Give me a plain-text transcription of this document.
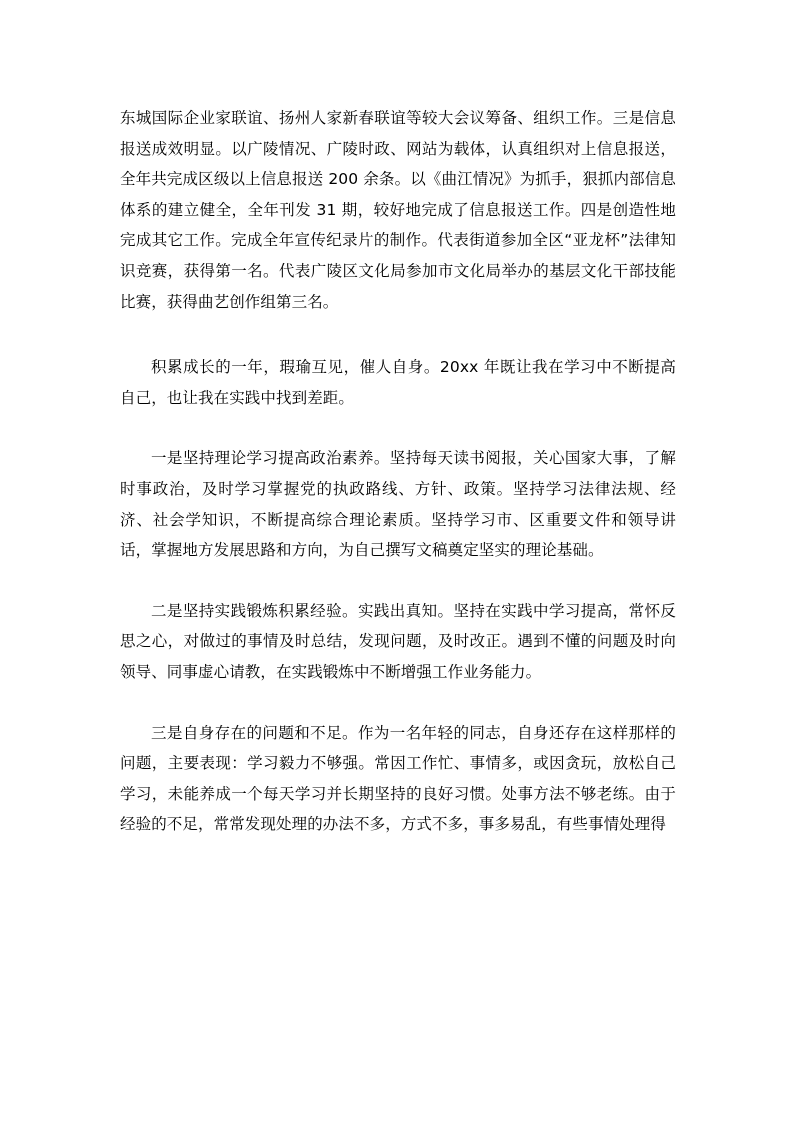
东城国际企业家联谊、扬州人家新春联谊等较大会议筹备、组织工作。三是信息报送成效明显。以广陵情况、广陵时政、网站为载体，认真组织对上信息报送，全年共完成区级以上信息报送 200 余条。以《曲江情况》为抓手，狠抓内部信息体系的建立健全，全年刊发 31 期，较好地完成了信息报送工作。四是创造性地完成其它工作。完成全年宣传纪录片的制作。代表街道参加全区“亚龙杯”法律知识竞赛，获得第一名。代表广陵区文化局参加市文化局举办的基层文化干部技能比赛，获得曲艺创作组第三名。

积累成长的一年，瑕瑜互见，催人自身。20xx 年既让我在学习中不断提高自己，也让我在实践中找到差距。

一是坚持理论学习提高政治素养。坚持每天读书阅报，关心国家大事，了解时事政治，及时学习掌握党的执政路线、方针、政策。坚持学习法律法规、经济、社会学知识，不断提高综合理论素质。坚持学习市、区重要文件和领导讲话，掌握地方发展思路和方向，为自己撰写文稿奠定坚实的理论基础。

二是坚持实践锻炼积累经验。实践出真知。坚持在实践中学习提高，常怀反思之心，对做过的事情及时总结，发现问题，及时改正。遇到不懂的问题及时向领导、同事虚心请教，在实践锻炼中不断增强工作业务能力。

三是自身存在的问题和不足。作为一名年轻的同志，自身还存在这样那样的问题，主要表现：学习毅力不够强。常因工作忙、事情多，或因贪玩，放松自己学习，未能养成一个每天学习并长期坚持的良好习惯。处事方法不够老练。由于经验的不足，常常发现处理的办法不多，方式不多，事多易乱，有些事情处理得
